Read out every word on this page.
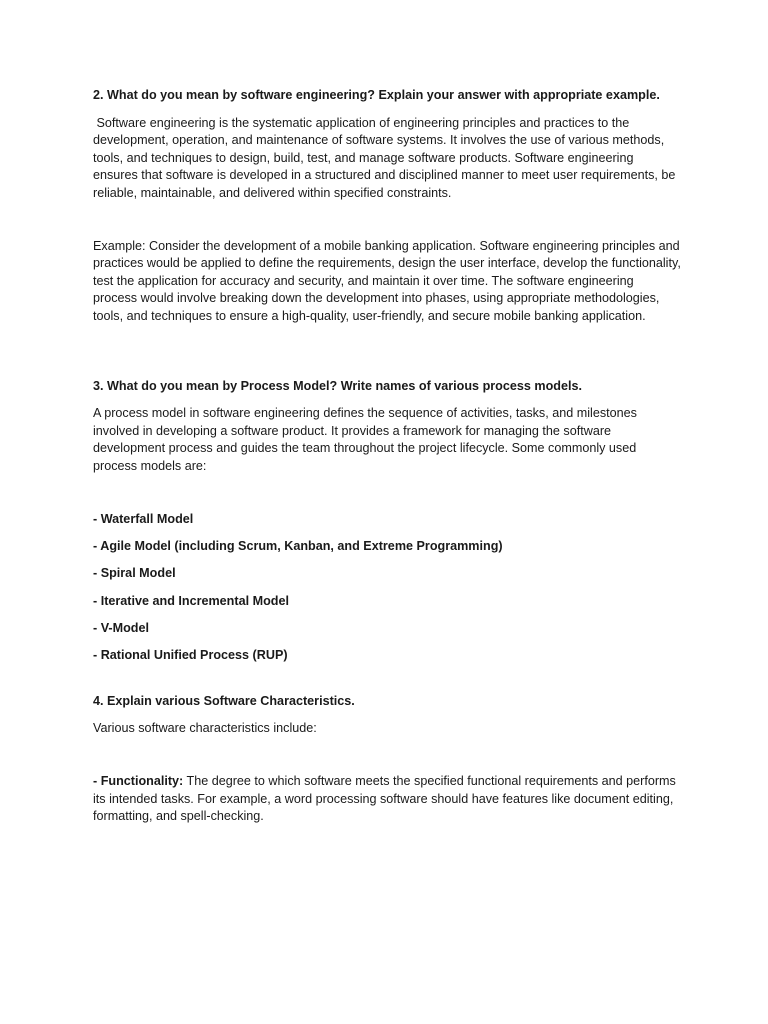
2. What do you mean by software engineering? Explain your answer with appropriate example.

Software engineering is the systematic application of engineering principles and practices to the development, operation, and maintenance of software systems. It involves the use of various methods, tools, and techniques to design, build, test, and manage software products. Software engineering ensures that software is developed in a structured and disciplined manner to meet user requirements, be reliable, maintainable, and delivered within specified constraints.

Example: Consider the development of a mobile banking application. Software engineering principles and practices would be applied to define the requirements, design the user interface, develop the functionality, test the application for accuracy and security, and maintain it over time. The software engineering process would involve breaking down the development into phases, using appropriate methodologies, tools, and techniques to ensure a high-quality, user-friendly, and secure mobile banking application.

3. What do you mean by Process Model? Write names of various process models.

A process model in software engineering defines the sequence of activities, tasks, and milestones involved in developing a software product. It provides a framework for managing the software development process and guides the team throughout the project lifecycle. Some commonly used process models are:

- Waterfall Model

- Agile Model (including Scrum, Kanban, and Extreme Programming)

- Spiral Model

- Iterative and Incremental Model

- V-Model

- Rational Unified Process (RUP)

4. Explain various Software Characteristics.

Various software characteristics include:

- Functionality: The degree to which software meets the specified functional requirements and performs its intended tasks. For example, a word processing software should have features like document editing, formatting, and spell-checking.
